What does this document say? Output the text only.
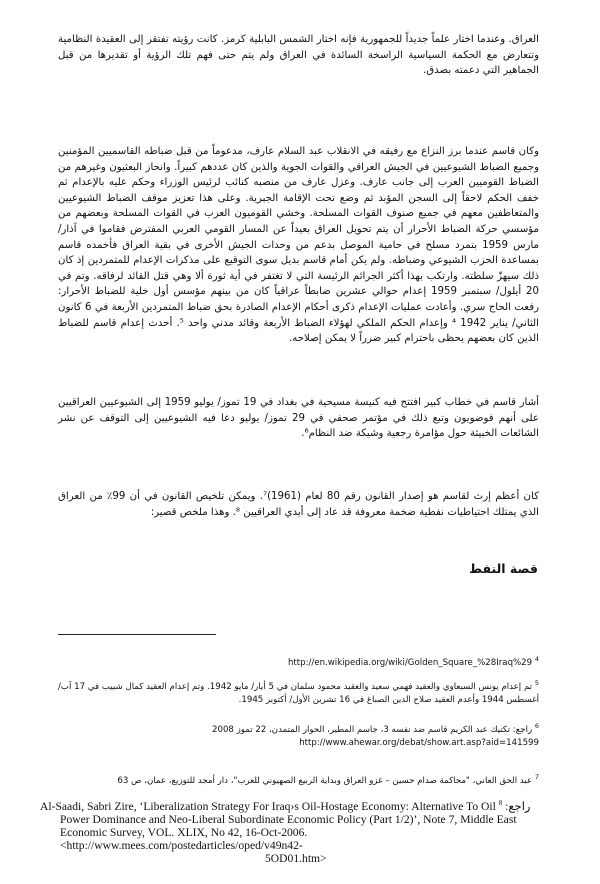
العراق. وعندما اختار علماً جديداً للجمهورية فإنه اختار الشمس البابلية كرمز. كانت رؤيته تفتقر إلى العقيدة النظامية وتتعارض مع الحكمة السياسية الراسخة السائدة في العراق ولم يتم حتى فهم تلك الرؤية أو تقديرها من قبل الجماهير التي دعمته بصدق.

وكان قاسم عندما برز النزاع مع رفيقه في الانقلاب عبد السلام عارف، مدعوماً من قبل ضباطه القاسميين المؤمنين وجميع الضباط الشيوعيين في الجيش العراقي والقوات الجوية والذين كان عددهم كبيراً. وانحاز البعثيون وغيرهم من الضباط القوميين العرب إلى جانب عارف. وعزل عارف من منصبه كنائب لرئيس الوزراء وحكم عليه بالإعدام ثم خفف الحكم لاحقاً إلى السجن المؤبد ثم وضع تحت الإقامة الجبرية. وعلى هذا تعزيز موقف الضباط الشيوعيين والمتعاطفين معهم في جميع صنوف القوات المسلحة. وخشي القوميون العرب في القوات المسلحة وبعضهم من مؤسسي حركة الضباط الأحرار أن يتم تحويل العراق بعيداً عن المسار القومي العربي المفترض فقاموا في آذار/ مارس 1959 بتمرد مسلح في حامية الموصل بدعم من وحدات الجيش الأخرى في بقية العراق فأخمده قاسم بمساعدة الحزب الشيوعي وضباطه. ولم يكن أمام قاسم بديل سوى التوقيع على مذكرات الإعدام للمتمردين إذ كان ذلك سيهزّ سلطته. وارتكب بهذا أكثر الجرائم الرئيسة التي لا تغتفر في أية ثورة ألا وهي قتل القائد لرفاقه. وتم في 20 أيلول/ سبتمبر 1959 إعدام حوالي عشرين ضابطاً عراقياً كان من بينهم مؤسس أول خلية للضباط الأحرار: رفعت الحاج سري. وأعادت عمليات الإعدام ذكرى أحكام الإعدام الصادرة بحق ضباط المتمردين الأربعة في 6 كانون الثاني/ يناير 1942 ⁴ وإعدام الحكم الملكي لهؤلاء الضباط الأربعة وقائد مدني واحد ⁵. أحدث إعدام قاسم للضباط الذين كان بعضهم يحظى باحترام كبير ضرراً لا يمكن إصلاحه.

أشار قاسم في خطاب كبير افتتح فيه كنيسة مسيحية في بغداد في 19 تموز/ يوليو 1959 إلى الشيوعيين العراقيين على أنهم فوضويون وتبع ذلك في مؤتمر صحفي في 29 تموز/ يوليو دعا فيه الشيوعيين إلى التوقف عن نشر الشائعات الخبيثة حول مؤامرة رجعية وشيكة ضد النظام⁶.

كان أعظم إرث لقاسم هو إصدار القانون رقم 80 لعام (1961)⁷. ويمكن تلخيص القانون في أن 99٪ من العراق الذي يمتلك احتياطيات نفطية ضخمة معروفة قد عاد إلى أيدي العراقيين ⁸. وهذا ملخص قصير:

قصة النفط
http://en.wikipedia.org/wiki/Golden_Square_%28Iraq%29 $^4$
$^5$ تم إعدام يونس السبعاوي والعقيد فهمي سعيد والعقيد محمود سلمان في 5 أيار/ مايو 1942. وتم إعدام العقيد كمال شبيب في 17 آب/ أغسطس 1944 وأعدم العقيد صلاح الدين الصباغ في 16 تشرين الأول/ أكتوبر 1945.
$^6$ راجع: تكتيك عبد الكريم قاسم ضد نفسه 3، جاسم المطير، الحوار المتمدن، 22 تموز 2008
http://www.ahewar.org/debat/show.art.asp?aid=141599
$^7$ عبد الحق العاني، "محاكمة صدام حسين – غزو العراق وبداية الربيع الصهيوني للعرب"، دار أمجد للتوزيع، عمان، ص 63
Al-Saadi, Sabri Zire, ‘Liberalization Strategy For Iraq›s Oil-Hostage Economy: Alternative To Oil راجع: $^8$
Power Dominance and Neo-Liberal Subordinate Economic Policy (Part 1/2)’, Note 7, Middle East
Economic Survey, VOL. XLIX, No 42, 16-Oct-2006. <http://www.mees.com/postedarticles/oped/v49n42-
5OD01.htm>
